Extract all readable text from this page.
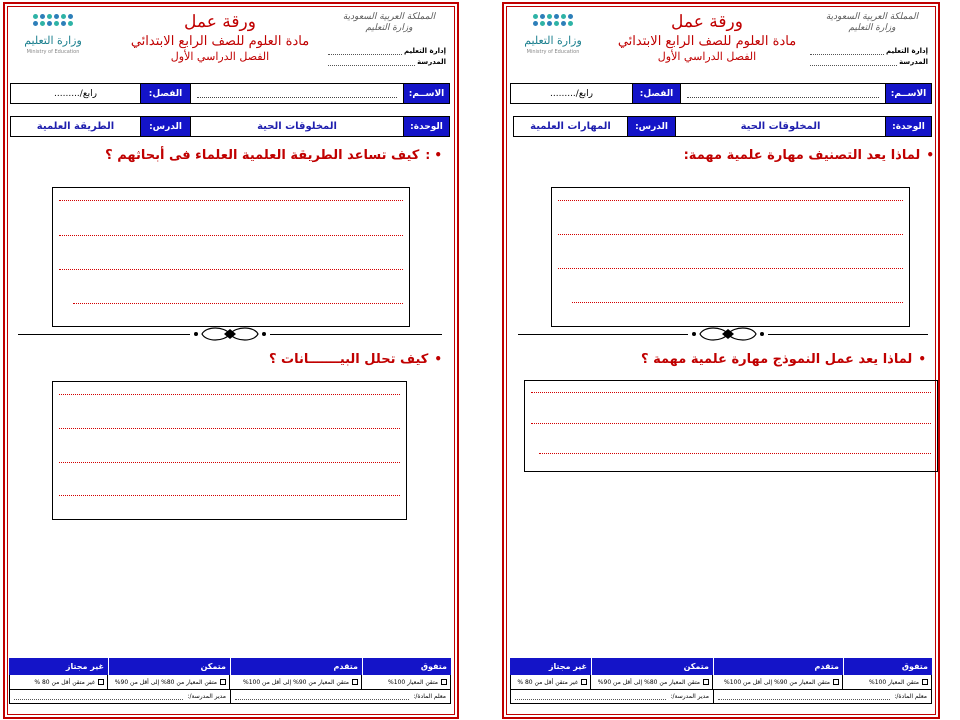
وزارة التعليم
Ministry of Education
ورقة عمل
مادة العلوم للصف الرابع الابتدائي
الفصل الدراسي الأول
المملكة العربية السعودية
وزارة التعليم
إدارة التعليم
المدرسة
الاســم:
الفصل:
رابع/.........
الوحدة:
المخلوقات الحية
الدرس:
الطريقة العلمية
• :كيف تساعد الطريقة العلمية العلماء فى أبحاثهم ؟
•كيف تحلل البيـــــــانات ؟
متفوق
متقدم
متمكن
غير مجتاز
متقن المعيار 100%
متقن المعيار من 90% إلى أقل من 100%
متقن المعيار من 80% إلى أقل من 90%
غير متقن أقل من 80 %
معلم المادة/:
مدير المدرسة/:
وزارة التعليم
Ministry of Education
ورقة عمل
مادة العلوم للصف الرابع الابتدائي
الفصل الدراسي الأول
المملكة العربية السعودية
وزارة التعليم
إدارة التعليم
المدرسة
الاســم:
الفصل:
رابع/.........
الوحدة:
المخلوقات الحية
الدرس:
المهارات العلمية
•لماذا يعد التصنيف مهارة علمية مهمة:
•لماذا يعد عمل النموذج مهارة علمية مهمة ؟
متفوق
متقدم
متمكن
غير مجتاز
متقن المعيار 100%
متقن المعيار من 90% إلى أقل من 100%
متقن المعيار من 80% إلى أقل من 90%
غير متقن أقل من 80 %
معلم المادة/:
مدير المدرسة/:
